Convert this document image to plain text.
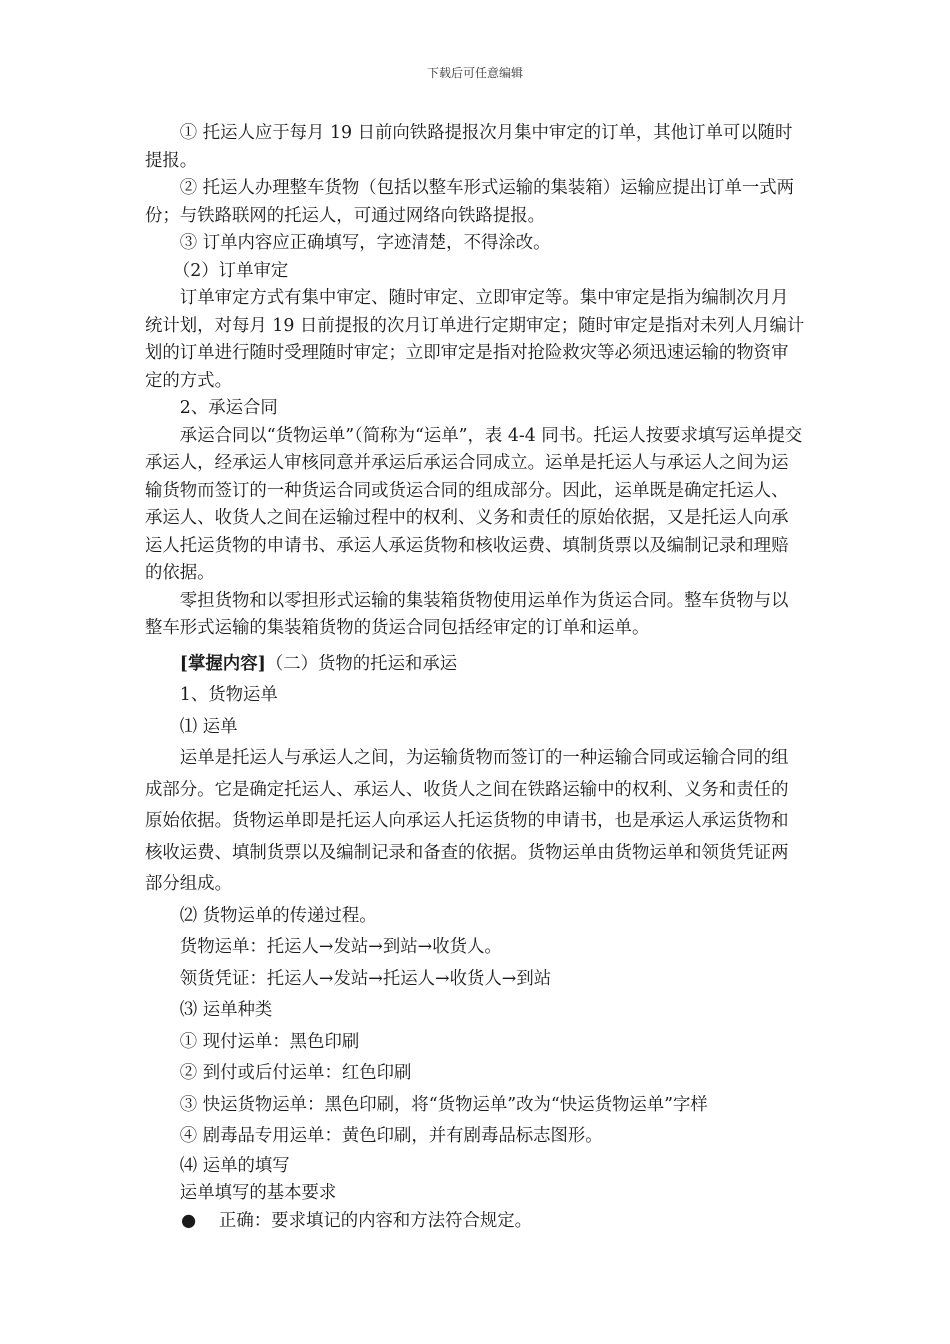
下载后可任意编辑

① 托运人应于每月 19 日前向铁路提报次月集中审定的订单，其他订单可以随时提报。

② 托运人办理整车货物（包括以整车形式运输的集装箱）运输应提出订单一式两份；与铁路联网的托运人，可通过网络向铁路提报。

③ 订单内容应正确填写，字迹清楚，不得涂改。

（2）订单审定

订单审定方式有集中审定、随时审定、立即审定等。集中审定是指为编制次月月统计划，对每月 19 日前提报的次月订单进行定期审定；随时审定是指对未列人月编计划的订单进行随时受理随时审定；立即审定是指对抢险救灾等必须迅速运输的物资审定的方式。

2、承运合同

承运合同以“货物运单”（简称为“运单”，表 4-4 同书。托运人按要求填写运单提交承运人，经承运人审核同意并承运后承运合同成立。运单是托运人与承运人之间为运输货物而签订的一种货运合同或货运合同的组成部分。因此，运单既是确定托运人、承运人、收货人之间在运输过程中的权利、义务和责任的原始依据，又是托运人向承运人托运货物的申请书、承运人承运货物和核收运费、填制货票以及编制记录和理赔的依据。

零担货物和以零担形式运输的集装箱货物使用运单作为货运合同。整车货物与以整车形式运输的集装箱货物的货运合同包括经审定的订单和运单。

[掌握内容]（二）货物的托运和承运

1、货物运单

⑴ 运单

运单是托运人与承运人之间，为运输货物而签订的一种运输合同或运输合同的组成部分。它是确定托运人、承运人、收货人之间在铁路运输中的权利、义务和责任的原始依据。货物运单即是托运人向承运人托运货物的申请书，也是承运人承运货物和核收运费、填制货票以及编制记录和备查的依据。货物运单由货物运单和领货凭证两部分组成。

⑵ 货物运单的传递过程。

货物运单：托运人→发站→到站→收货人。

领货凭证：托运人→发站→托运人→收货人→到站

⑶ 运单种类

① 现付运单：黑色印刷

② 到付或后付运单：红色印刷

③ 快运货物运单：黑色印刷，将“货物运单”改为“快运货物运单”字样

④ 剧毒品专用运单：黄色印刷，并有剧毒品标志图形。

⑷ 运单的填写

运单填写的基本要求

●	正确：要求填记的内容和方法符合规定。
